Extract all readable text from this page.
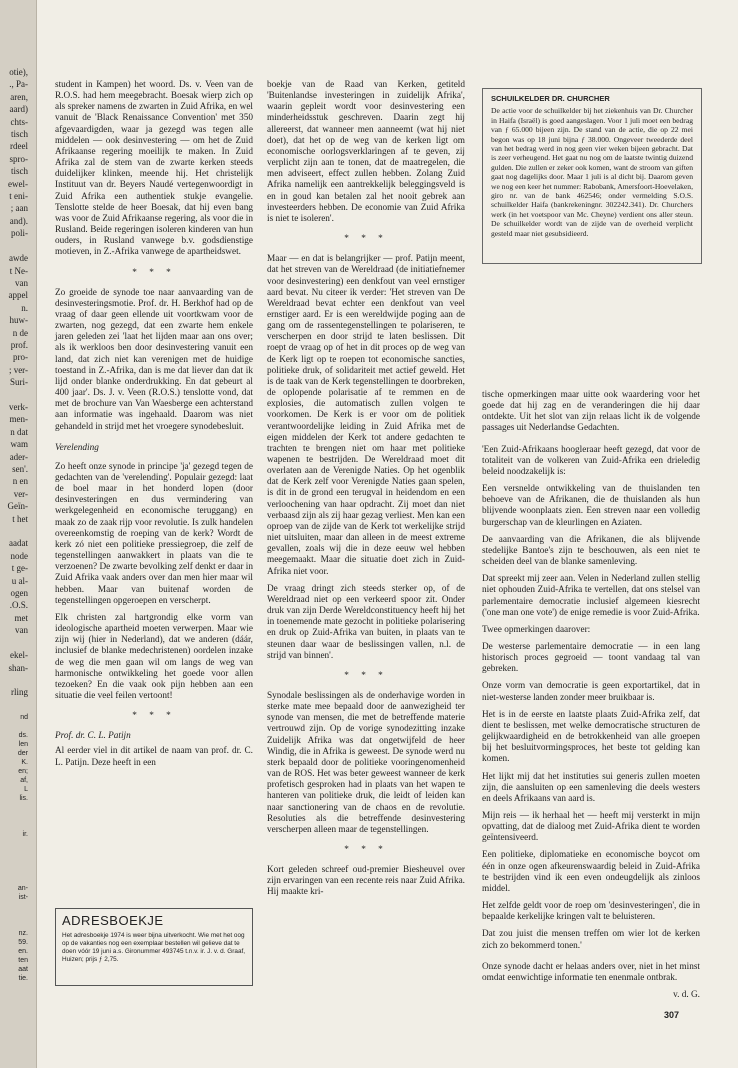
otie),
., Pa-
aren,
aard)
chts-
tisch
rdeel
spro-
tisch
ewel-
t eni-
; aan
and).
poli-

awde
t Ne-
van
appel
n.
huw-
n de
prof.
pro-
; ver-
Suri-

verk-
men-
n dat
wam
ader-
sen'.
n en
ver-
Geïn-
t het

aadat
node
t ge-
u al-
ogen
.O.S.
met
van

ekel-
shan-

rling
nd

ds.
len
der
K.
en;
af,
L
lis.

ir.

an-
ist-

nz.
59.
en.
ten
aat
tie.

student in Kampen) het woord. Ds. v. Veen van de R.O.S. had hem meegebracht. Boesak wierp zich op als spreker namens de zwarten in Zuid Afrika, en wel vanuit de 'Black Renaissance Convention' met 350 afgevaardigden, waar ja gezegd was tegen alle middelen — ook desinvestering — om het de Zuid Afrikaanse regering moeilijk te maken. In Zuid Afrika zal de stem van de zwarte kerken steeds duidelijker klinken, meende hij. Het christelijk Instituut van dr. Beyers Naudé vertegenwoordigt in Zuid Afrika een authentiek stukje evangelie. Tenslotte stelde de heer Boesak, dat hij even bang was voor de Zuid Afrikaanse regering, als voor die in Rusland. Beide regeringen isoleren kinderen van hun ouders, in Rusland vanwege b.v. godsdienstige motieven, in Z.-Afrika vanwege de apartheidswet.

* * *

Zo groeide de synode toe naar aanvaarding van de desinvesteringsmotie. Prof. dr. H. Berkhof had op de vraag of daar geen ellende uit voortkwam voor de zwarten, nog gezegd, dat een zwarte hem enkele jaren geleden zei 'laat het lijden maar aan ons over; als ik werkloos ben door desinvestering vanuit een land, dat zich niet kan verenigen met de huidige toestand in Z.-Afrika, dan is me dat liever dan dat ik lijd onder blanke onderdrukking. En dat gebeurt al 400 jaar'. Ds. J. v. Veen (R.O.S.) tenslotte vond, dat met de brochure van Van Waesberge een achterstand aan informatie was ingehaald. Daarom was niet gehandeld in strijd met het vroegere synodebesluit.

Verelending

Zo heeft onze synode in principe 'ja' gezegd tegen de gedachten van de 'verelending'. Populair gezegd: laat de boel maar in het honderd lopen (door desinvesteringen en dus vermindering van werkgelegenheid en economische teruggang) en maak zo de zaak rijp voor revolutie. Is zulk handelen overeenkomstig de roeping van de kerk? Wordt de kerk zó niet een politieke pressiegroep, die zelf de tegenstellingen aanwakkert in plaats van die te verzoenen? De zwarte bevolking zelf denkt er daar in Zuid Afrika vaak anders over dan men hier maar wil hebben. Maar van buitenaf worden de tegenstellingen opgeroepen en verscherpt.

Elk christen zal hartgrondig elke vorm van ideologische apartheid moeten verwerpen. Maar wie zijn wij (hier in Nederland), dat we anderen (dáár, inclusief de blanke medechristenen) oordelen inzake de weg die men gaan wil om langs de weg van harmonische ontwikkeling het goede voor allen tezoeken? En die vaak ook pijn hebben aan een situatie die veel feilen vertoont!

* * *
Prof. dr. C. L. Patijn

Al eerder viel in dit artikel de naam van prof. dr. C. L. Patijn. Deze heeft in een

boekje van de Raad van Kerken, getiteld 'Buitenlandse investeringen in zuidelijk Afrika', waarin gepleit wordt voor desinvestering een minderheidsstuk geschreven. Daarin zegt hij allereerst, dat wanneer men aanneemt (wat hij niet doet), dat het op de weg van de kerken ligt om economische oorlogsverklaringen af te geven, zij verplicht zijn aan te tonen, dat de maatregelen, die men adviseert, effect zullen hebben. Zolang Zuid Afrika namelijk een aantrekkelijk beleggingsveld is en in goud kan betalen zal het nooit gebrek aan investeerders hebben. De economie van Zuid Afrika is niet te isoleren'.

* * *

Maar — en dat is belangrijker — prof. Patijn meent, dat het streven van de Wereldraad (de initiatiefnemer voor desinvestering) een denkfout van veel ernstiger aard bevat. Nu citeer ik verder: 'Het streven van De Wereldraad bevat echter een denkfout van veel ernstiger aard. Er is een wereldwijde poging aan de gang om de rassentegenstellingen te polariseren, te verscherpen en door strijd te laten beslissen. Dit roept de vraag op of het in dit proces op de weg van de Kerk ligt op te roepen tot economische sancties, politieke druk, of solidariteit met actief geweld. Het is de taak van de Kerk tegenstellingen te doorbreken, de oplopende polarisatie af te remmen en de explosies, die automatisch zullen volgen te voorkomen. De Kerk is er voor om de politiek verantwoordelijke leiding in Zuid Afrika met de eigen middelen der Kerk tot andere gedachten te trachten te brengen niet om haar met politieke wapenen te bestrijden. De Wereldraad moet dit overlaten aan de Verenigde Naties. Op het ogenblik dat de Kerk zelf voor Verenigde Naties gaan spelen, is dit in de grond een terugval in heidendom en een verloochening van haar opdracht. Zij moet dan niet verbaasd zijn als zij haar gezag verliest. Men kan een oproep van de zijde van de Kerk tot werkelijke strijd niet uitsluiten, maar dan alleen in de meest extreme gevallen, zoals wij die in deze eeuw wel hebben meegemaakt. Maar die situatie doet zich in Zuid-Afrika niet voor.

De vraag dringt zich steeds sterker op, of de Wereldraad niet op een verkeerd spoor zit. Onder druk van zijn Derde Wereldconstituency heeft hij het in toenemende mate gezocht in politieke polarisering en druk op Zuid-Afrika van buiten, in plaats van te steunen daar waar de beslissingen vallen, n.l. de strijd van binnen'.

* * *

Synodale beslissingen als de onderhavige worden in sterke mate mee bepaald door de aanwezigheid ter synode van mensen, die met de betreffende materie vertrouwd zijn. Op de vorige synodezitting inzake Zuidelijk Afrika was dat ongetwijfeld de heer Windig, die in Afrika is geweest. De synode werd nu sterk bepaald door de politieke vooringenomenheid van de ROS. Het was beter geweest wanneer de kerk profetisch gesproken had in plaats van het wapen te hanteren van politieke druk, die leidt of leiden kan naar sanctionering van de chaos en de revolutie. Resoluties als die betreffende desinvestering verscherpen alleen maar de tegenstellingen.

* * *

Kort geleden schreef oud-premier Biesheuvel over zijn ervaringen van een recente reis naar Zuid Afrika. Hij maakte kri-

SCHUILKELDER DR. CHURCHER
De actie voor de schuilkelder bij het ziekenhuis van Dr. Churcher in Haifa (Israël) is goed aangeslagen. Voor 1 juli moet een bedrag van ƒ 65.000 bijeen zijn. De stand van de actie, die op 22 mei begon was op 18 juni bijna ƒ 38.000. Ongeveer tweederde deel van het bedrag werd in nog geen vier weken bijeen gebracht. Dat is zeer verheugend. Het gaat nu nog om de laatste twintig duizend gulden. Die zullen er zeker ook komen, want de stroom van giften gaat nog dagelijks door. Maar 1 juli is al dicht bij. Daarom geven we nog een keer het nummer: Rabobank, Amersfoort-Hoevelaken, giro nr. van de bank 462546; onder vermelding S.O.S. schuilkelder Haifa (bankrekeningnr. 302242.341). Dr. Churchers werk (in het voetspoor van Mc. Cheyne) verdient ons aller steun. De schuilkelder wordt van de zijde van de overheid verplicht gesteld maar niet gesubsidieerd.

tische opmerkingen maar uitte ook waardering voor het goede dat hij zag en de veranderingen die hij daar ontdekte. Uit het slot van zijn relaas licht ik de volgende passages uit Nederlandse Gedachten.

'Een Zuid-Afrikaans hoogleraar heeft gezegd, dat voor de totaliteit van de volkeren van Zuid-Afrika een drieledig beleid noodzakelijk is:

Een versnelde ontwikkeling van de thuislanden ten behoeve van de Afrikanen, die de thuislanden als hun blijvende woonplaats zien. Een streven naar een volledig burgerschap van de kleurlingen en Aziaten.

De aanvaarding van die Afrikanen, die als blijvende stedelijke Bantoe's zijn te beschouwen, als een niet te scheiden deel van de blanke samenleving.

Dat spreekt mij zeer aan. Velen in Nederland zullen stellig niet ophouden Zuid-Afrika te vertellen, dat ons stelsel van parlementaire democratie inclusief algemeen kiesrecht ('one man one vote') de enige remedie is voor Zuid-Afrika.

Twee opmerkingen daarover:

De westerse parlementaire democratie — in een lang historisch proces gegroeid — toont vandaag tal van gebreken.

Onze vorm van democratie is geen exportartikel, dat in niet-westerse landen zonder meer bruikbaar is.

Het is in de eerste en laatste plaats Zuid-Afrika zelf, dat dient te beslissen, met welke democratische structuren de gelijkwaardigheid en de betrokkenheid van alle groepen bij het besluitvormingsproces, het beste tot gelding kan komen.

Het lijkt mij dat het instituties sui generis zullen moeten zijn, die aansluiten op een samenleving die deels westers en deels Afrikaans van aard is.

Mijn reis — ik herhaal het — heeft mij versterkt in mijn opvatting, dat de dialoog met Zuid-Afrika dient te worden geïntensiveerd.

Een politieke, diplomatieke en economische boycot om één in onze ogen afkeurenswaardig beleid in Zuid-Afrika te bestrijden vind ik een even ondeugdelijk als zinloos middel.

Het zelfde geldt voor de roep om 'desinvesteringen', die in bepaalde kerkelijke kringen valt te beluisteren.

Dat zou juist die mensen treffen om wier lot de kerken zich zo bekommerd tonen.'

Onze synode dacht er helaas anders over, niet in het minst omdat eenwichtige informatie ten enenmale ontbrak.

v. d. G.
ADRESBOEKJE
Het adresboekje 1974 is weer bijna uitverkocht. Wie met het oog op de vakanties nog een exemplaar bestellen wil gelieve dat te doen vóór 19 juni a.s. Gironummer 493745 t.n.v. ir. J. v. d. Graaf, Huizen; prijs ƒ 2,75.
307
